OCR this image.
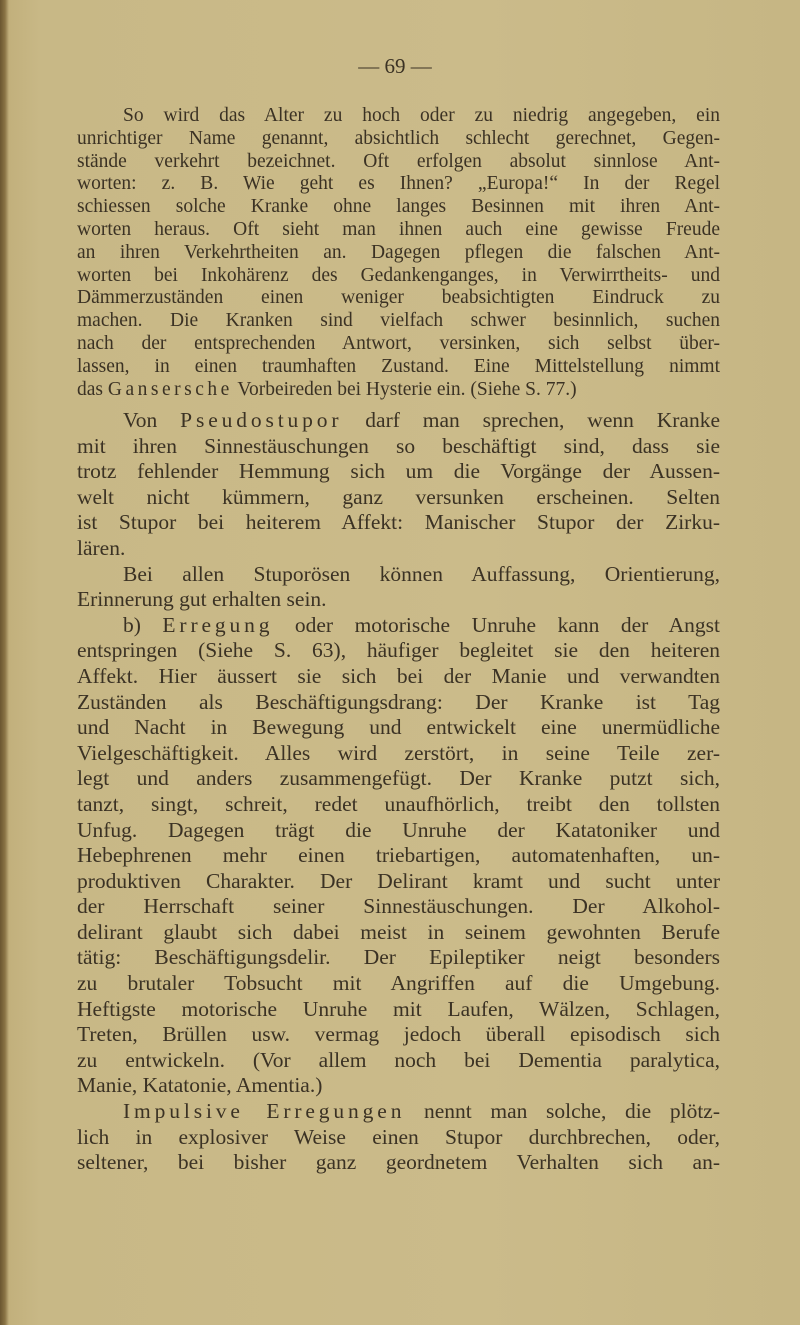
— 69 —
So wird das Alter zu hoch oder zu niedrig angegeben, ein
unrichtiger Name genannt, absichtlich schlecht gerechnet, Gegen-
stände verkehrt bezeichnet. Oft erfolgen absolut sinnlose Ant-
worten: z. B. Wie geht es Ihnen? „Europa!“ In der Regel
schiessen solche Kranke ohne langes Besinnen mit ihren Ant-
worten heraus. Oft sieht man ihnen auch eine gewisse Freude
an ihren Verkehrtheiten an. Dagegen pflegen die falschen Ant-
worten bei Inkohärenz des Gedankenganges, in Verwirrtheits- und
Dämmerzuständen einen weniger beabsichtigten Eindruck zu
machen. Die Kranken sind vielfach schwer besinnlich, suchen
nach der entsprechenden Antwort, versinken, sich selbst über-
lassen, in einen traumhaften Zustand. Eine Mittelstellung nimmt
das Gansersche Vorbeireden bei Hysterie ein. (Siehe S. 77.)
Von Pseudostupor darf man sprechen, wenn Kranke
mit ihren Sinnestäuschungen so beschäftigt sind, dass sie
trotz fehlender Hemmung sich um die Vorgänge der Aussen-
welt nicht kümmern, ganz versunken erscheinen. Selten
ist Stupor bei heiterem Affekt: Manischer Stupor der Zirku-
lären.
Bei allen Stuporösen können Auffassung, Orientierung,
Erinnerung gut erhalten sein.
b) Erregung oder motorische Unruhe kann der Angst
entspringen (Siehe S. 63), häufiger begleitet sie den heiteren
Affekt. Hier äussert sie sich bei der Manie und verwandten
Zuständen als Beschäftigungsdrang: Der Kranke ist Tag
und Nacht in Bewegung und entwickelt eine unermüdliche
Vielgeschäftigkeit. Alles wird zerstört, in seine Teile zer-
legt und anders zusammengefügt. Der Kranke putzt sich,
tanzt, singt, schreit, redet unaufhörlich, treibt den tollsten
Unfug. Dagegen trägt die Unruhe der Katatoniker und
Hebephrenen mehr einen triebartigen, automatenhaften, un-
produktiven Charakter. Der Delirant kramt und sucht unter
der Herrschaft seiner Sinnestäuschungen. Der Alkohol-
delirant glaubt sich dabei meist in seinem gewohnten Berufe
tätig: Beschäftigungsdelir. Der Epileptiker neigt besonders
zu brutaler Tobsucht mit Angriffen auf die Umgebung.
Heftigste motorische Unruhe mit Laufen, Wälzen, Schlagen,
Treten, Brüllen usw. vermag jedoch überall episodisch sich
zu entwickeln. (Vor allem noch bei Dementia paralytica,
Manie, Katatonie, Amentia.)
Impulsive Erregungen nennt man solche, die plötz-
lich in explosiver Weise einen Stupor durchbrechen, oder,
seltener, bei bisher ganz geordnetem Verhalten sich an-
